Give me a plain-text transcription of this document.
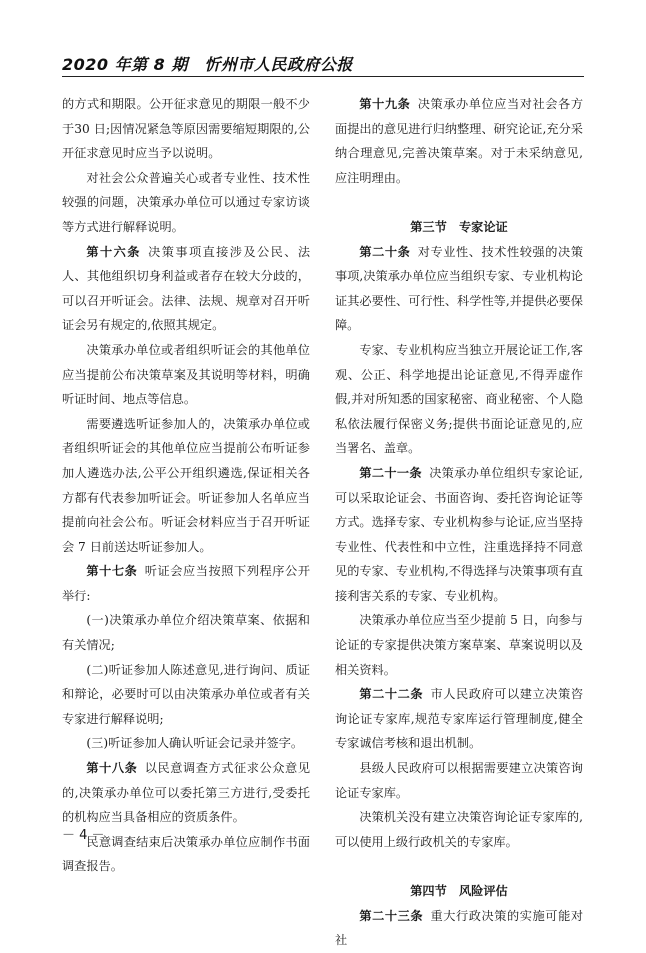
2020 年第 8 期　忻州市人民政府公报

的方式和期限。公开征求意见的期限一般不少于30 日;因情况紧急等原因需要缩短期限的,公开征求意见时应当予以说明。

对社会公众普遍关心或者专业性、技术性较强的问题，决策承办单位可以通过专家访谈等方式进行解释说明。

第十六条 决策事项直接涉及公民、法人、其他组织切身利益或者存在较大分歧的，可以召开听证会。法律、法规、规章对召开听证会另有规定的,依照其规定。

决策承办单位或者组织听证会的其他单位应当提前公布决策草案及其说明等材料，明确听证时间、地点等信息。

需要遴选听证参加人的，决策承办单位或者组织听证会的其他单位应当提前公布听证参加人遴选办法,公平公开组织遴选,保证相关各方都有代表参加听证会。听证参加人名单应当提前向社会公布。听证会材料应当于召开听证会 7 日前送达听证参加人。

第十七条 听证会应当按照下列程序公开举行:

(一)决策承办单位介绍决策草案、依据和有关情况;

(二)听证参加人陈述意见,进行询问、质证和辩论，必要时可以由决策承办单位或者有关专家进行解释说明;

(三)听证参加人确认听证会记录并签字。

第十八条 以民意调查方式征求公众意见的,决策承办单位可以委托第三方进行,受委托的机构应当具备相应的资质条件。

民意调查结束后决策承办单位应制作书面调查报告。

第十九条 决策承办单位应当对社会各方面提出的意见进行归纳整理、研究论证,充分采纳合理意见,完善决策草案。对于未采纳意见,应注明理由。

第三节　专家论证

第二十条 对专业性、技术性较强的决策事项,决策承办单位应当组织专家、专业机构论证其必要性、可行性、科学性等,并提供必要保障。

专家、专业机构应当独立开展论证工作,客观、公正、科学地提出论证意见,不得弄虚作假,并对所知悉的国家秘密、商业秘密、个人隐私依法履行保密义务;提供书面论证意见的,应当署名、盖章。

第二十一条 决策承办单位组织专家论证,可以采取论证会、书面咨询、委托咨询论证等方式。选择专家、专业机构参与论证,应当坚持专业性、代表性和中立性，注重选择持不同意见的专家、专业机构,不得选择与决策事项有直接利害关系的专家、专业机构。

决策承办单位应当至少提前 5 日，向参与论证的专家提供决策方案草案、草案说明以及相关资料。

第二十二条 市人民政府可以建立决策咨询论证专家库,规范专家库运行管理制度,健全专家诚信考核和退出机制。

县级人民政府可以根据需要建立决策咨询论证专家库。

决策机关没有建立决策咨询论证专家库的,可以使用上级行政机关的专家库。

第四节　风险评估

第二十三条 重大行政决策的实施可能对社

－ 4 －
